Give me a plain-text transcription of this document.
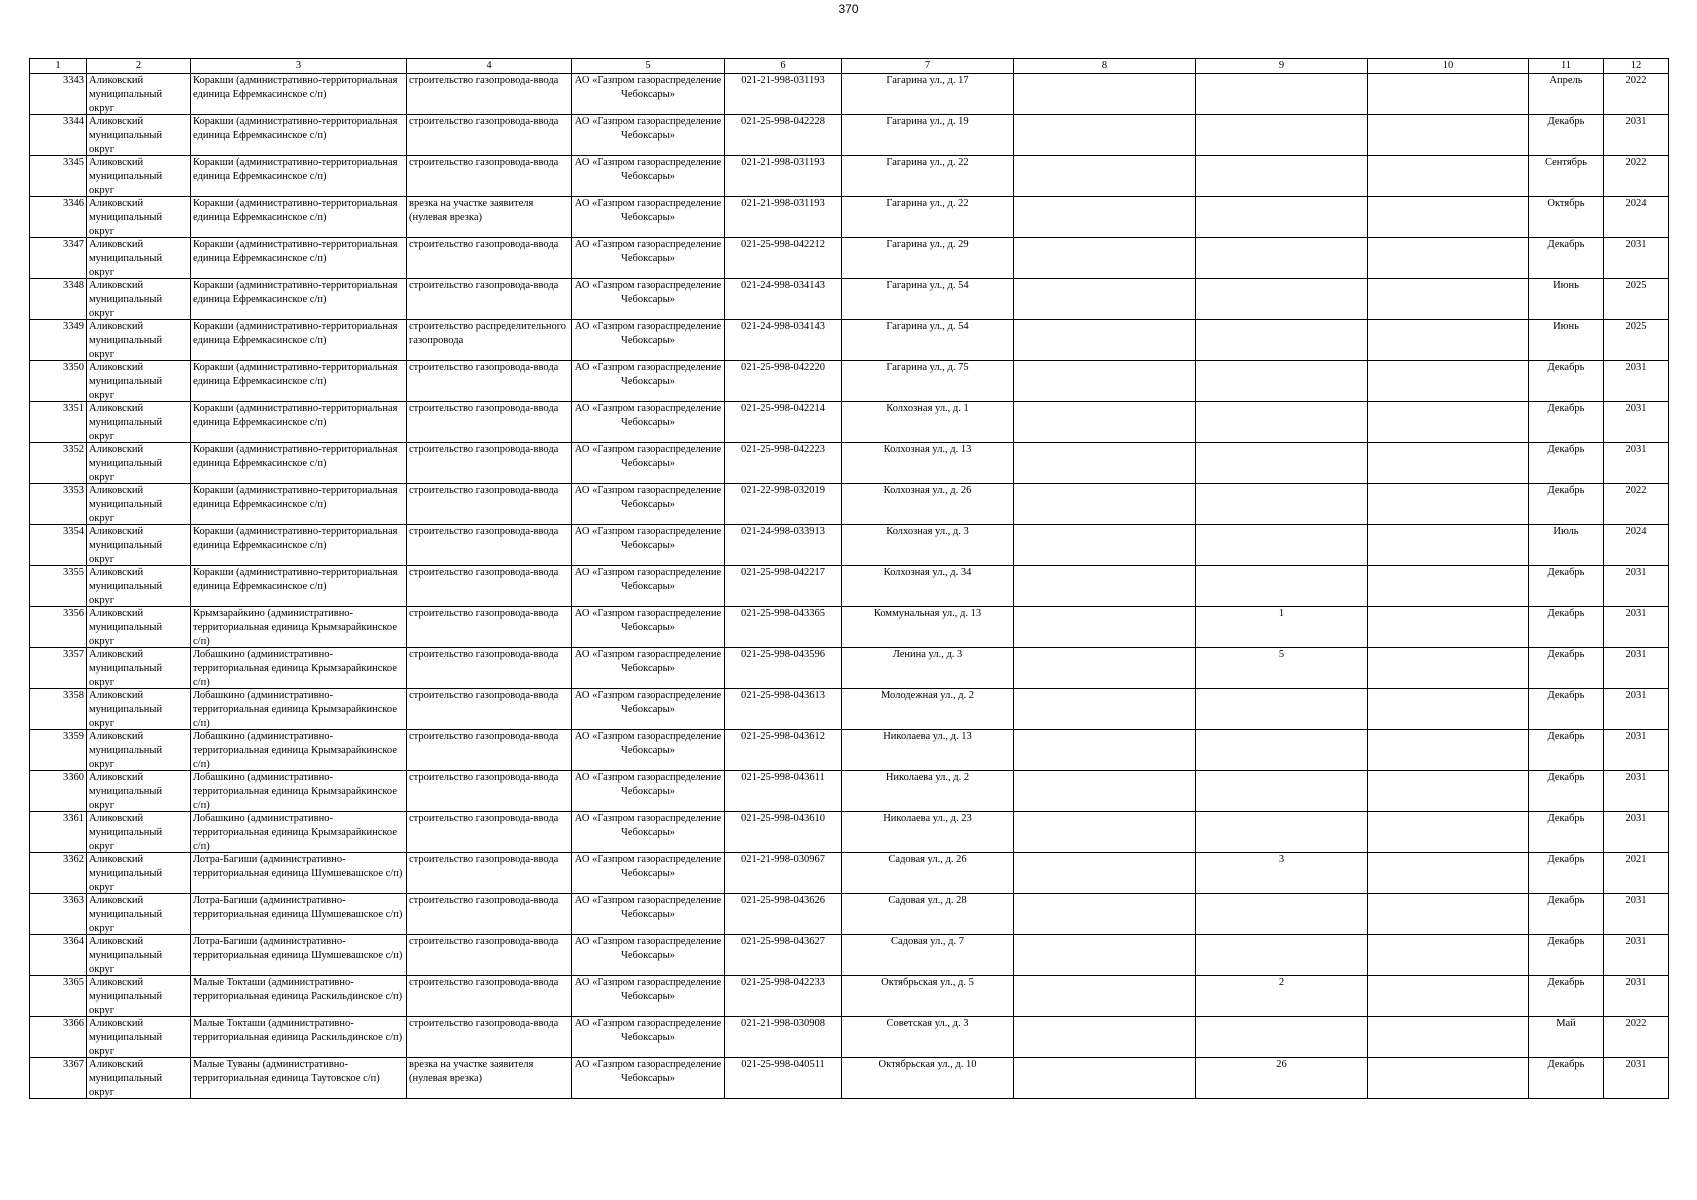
370
1	2	3	4	5	6	7	8	9	10	11	12

3343	Аликовский муниципальный округ	Коракши (административно-территориальная единица Ефремкасинское с/п)	строительство газопровода-ввода	АО «Газпром газораспределение Чебоксары»	021-21-998-031193	Гагарина ул., д. 17				Апрель	2022

3344	Аликовский муниципальный округ	Коракши (административно-территориальная единица Ефремкасинское с/п)	строительство газопровода-ввода	АО «Газпром газораспределение Чебоксары»	021-25-998-042228	Гагарина ул., д. 19				Декабрь	2031

3345	Аликовский муниципальный округ	Коракши (административно-территориальная единица Ефремкасинское с/п)	строительство газопровода-ввода	АО «Газпром газораспределение Чебоксары»	021-21-998-031193	Гагарина ул., д. 22				Сентябрь	2022

3346	Аликовский муниципальный округ	Коракши (административно-территориальная единица Ефремкасинское с/п)	врезка на участке заявителя (нулевая врезка)	АО «Газпром газораспределение Чебоксары»	021-21-998-031193	Гагарина ул., д. 22				Октябрь	2024

3347	Аликовский муниципальный округ	Коракши (административно-территориальная единица Ефремкасинское с/п)	строительство газопровода-ввода	АО «Газпром газораспределение Чебоксары»	021-25-998-042212	Гагарина ул., д. 29				Декабрь	2031

3348	Аликовский муниципальный округ	Коракши (административно-территориальная единица Ефремкасинское с/п)	строительство газопровода-ввода	АО «Газпром газораспределение Чебоксары»	021-24-998-034143	Гагарина ул., д. 54				Июнь	2025

3349	Аликовский муниципальный округ	Коракши (административно-территориальная единица Ефремкасинское с/п)	строительство распределительного газопровода	АО «Газпром газораспределение Чебоксары»	021-24-998-034143	Гагарина ул., д. 54				Июнь	2025

3350	Аликовский муниципальный округ	Коракши (административно-территориальная единица Ефремкасинское с/п)	строительство газопровода-ввода	АО «Газпром газораспределение Чебоксары»	021-25-998-042220	Гагарина ул., д. 75				Декабрь	2031

3351	Аликовский муниципальный округ	Коракши (административно-территориальная единица Ефремкасинское с/п)	строительство газопровода-ввода	АО «Газпром газораспределение Чебоксары»	021-25-998-042214	Колхозная ул., д. 1				Декабрь	2031

3352	Аликовский муниципальный округ	Коракши (административно-территориальная единица Ефремкасинское с/п)	строительство газопровода-ввода	АО «Газпром газораспределение Чебоксары»	021-25-998-042223	Колхозная ул., д. 13				Декабрь	2031

3353	Аликовский муниципальный округ	Коракши (административно-территориальная единица Ефремкасинское с/п)	строительство газопровода-ввода	АО «Газпром газораспределение Чебоксары»	021-22-998-032019	Колхозная ул., д. 26				Декабрь	2022

3354	Аликовский муниципальный округ	Коракши (административно-территориальная единица Ефремкасинское с/п)	строительство газопровода-ввода	АО «Газпром газораспределение Чебоксары»	021-24-998-033913	Колхозная ул., д. 3				Июль	2024

3355	Аликовский муниципальный округ	Коракши (административно-территориальная единица Ефремкасинское с/п)	строительство газопровода-ввода	АО «Газпром газораспределение Чебоксары»	021-25-998-042217	Колхозная ул., д. 34				Декабрь	2031

3356	Аликовский муниципальный округ	Крымзарайкино (административно-территориальная единица Крымзарайкинское с/п)	строительство газопровода-ввода	АО «Газпром газораспределение Чебоксары»	021-25-998-043365	Коммунальная ул., д. 13		1		Декабрь	2031

3357	Аликовский муниципальный округ	Лобашкино (административно-территориальная единица Крымзарайкинское с/п)	строительство газопровода-ввода	АО «Газпром газораспределение Чебоксары»	021-25-998-043596	Ленина ул., д. 3		5		Декабрь	2031

3358	Аликовский муниципальный округ	Лобашкино (административно-территориальная единица Крымзарайкинское с/п)	строительство газопровода-ввода	АО «Газпром газораспределение Чебоксары»	021-25-998-043613	Молодежная ул., д. 2				Декабрь	2031

3359	Аликовский муниципальный округ	Лобашкино (административно-территориальная единица Крымзарайкинское с/п)	строительство газопровода-ввода	АО «Газпром газораспределение Чебоксары»	021-25-998-043612	Николаева ул., д. 13				Декабрь	2031

3360	Аликовский муниципальный округ	Лобашкино (административно-территориальная единица Крымзарайкинское с/п)	строительство газопровода-ввода	АО «Газпром газораспределение Чебоксары»	021-25-998-043611	Николаева ул., д. 2				Декабрь	2031

3361	Аликовский муниципальный округ	Лобашкино (административно-территориальная единица Крымзарайкинское с/п)	строительство газопровода-ввода	АО «Газпром газораспределение Чебоксары»	021-25-998-043610	Николаева ул., д. 23				Декабрь	2031

3362	Аликовский муниципальный округ	Лотра-Багиши (административно-территориальная единица Шумшевашское с/п)	строительство газопровода-ввода	АО «Газпром газораспределение Чебоксары»	021-21-998-030967	Садовая ул., д. 26		3		Декабрь	2021

3363	Аликовский муниципальный округ	Лотра-Багиши (административно-территориальная единица Шумшевашское с/п)	строительство газопровода-ввода	АО «Газпром газораспределение Чебоксары»	021-25-998-043626	Садовая ул., д. 28				Декабрь	2031

3364	Аликовский муниципальный округ	Лотра-Багиши (административно-территориальная единица Шумшевашское с/п)	строительство газопровода-ввода	АО «Газпром газораспределение Чебоксары»	021-25-998-043627	Садовая ул., д. 7				Декабрь	2031

3365	Аликовский муниципальный округ	Малые Токташи (административно-территориальная единица Раскильдинское с/п)	строительство газопровода-ввода	АО «Газпром газораспределение Чебоксары»	021-25-998-042233	Октябрьская ул., д. 5		2		Декабрь	2031

3366	Аликовский муниципальный округ	Малые Токташи (административно-территориальная единица Раскильдинское с/п)	строительство газопровода-ввода	АО «Газпром газораспределение Чебоксары»	021-21-998-030908	Советская ул., д. 3				Май	2022

3367	Аликовский муниципальный округ	Малые Туваны (административно-территориальная единица Таутовское с/п)	врезка на участке заявителя (нулевая врезка)	АО «Газпром газораспределение Чебоксары»	021-25-998-040511	Октябрьская ул., д. 10		26		Декабрь	2031
